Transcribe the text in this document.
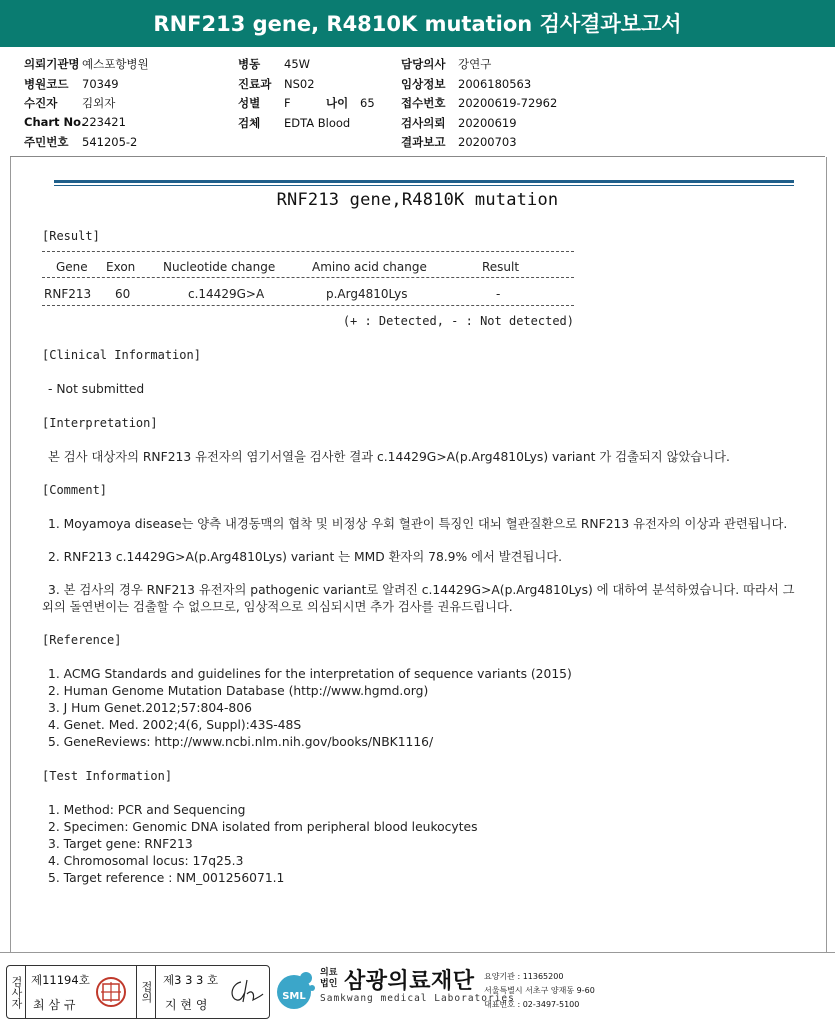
RNF213 gene, R4810K mutation 검사결과보고서
의뢰기관명 예스포항병원
병원코드 70349
수진자 김외자
Chart No.223421
주민번호 541205-2
병동 45W
진료과 NS02
성별 F	나이 65
검체 EDTA Blood
담당의사 강연구
임상정보 2006180563
접수번호 20200619-72962
검사의뢰 20200619
결과보고 20200703
RNF213 gene,R4810K mutation
[Result]
Gene	Exon	Nucleotide change	Amino acid change	Result
RNF213	60	c.14429G>A	p.Arg4810Lys	-
(+ : Detected, - : Not detected)
[Clinical Information]
- Not submitted
[Interpretation]
본 검사 대상자의 RNF213 유전자의 염기서열을 검사한 결과 c.14429G>A(p.Arg4810Lys) variant 가 검출되지 않았습니다.
[Comment]
1. Moyamoya disease는 양측 내경동맥의 협착 및 비정상 우회 혈관이 특징인 대뇌 혈관질환으로 RNF213 유전자의 이상과 관련됩니다.
2. RNF213 c.14429G>A(p.Arg4810Lys) variant 는 MMD 환자의 78.9% 에서 발견됩니다.
3. 본 검사의 경우 RNF213 유전자의 pathogenic variant로 알려진 c.14429G>A(p.Arg4810Lys) 에 대하여 분석하였습니다. 따라서 그 외의 돌연변이는 검출할 수 없으므로, 임상적으로 의심되시면 추가 검사를 권유드립니다.
[Reference]
1. ACMG Standards and guidelines for the interpretation of sequence variants (2015)
2. Human Genome Mutation Database (http://www.hgmd.org)
3. J Hum Genet.2012;57:804-806
4. Genet. Med. 2002;4(6, Suppl):43S-48S
5. GeneReviews: http://www.ncbi.nlm.nih.gov/books/NBK1116/
[Test Information]
1. Method: PCR and Sequencing
2. Specimen: Genomic DNA isolated from peripheral blood leukocytes
3. Target gene: RNF213
4. Chromosomal locus: 17q25.3
5. Target reference : NM_001256071.1
검사자 제11194호
최 삼 규
접의
제3 3 3 호
지 현 영
SML
의료
법인 삼광의료재단
Samkwang medical Laboratories
요양기관 : 11365200
서울특별시 서초구 양재동 9-60
대표번호 : 02-3497-5100
